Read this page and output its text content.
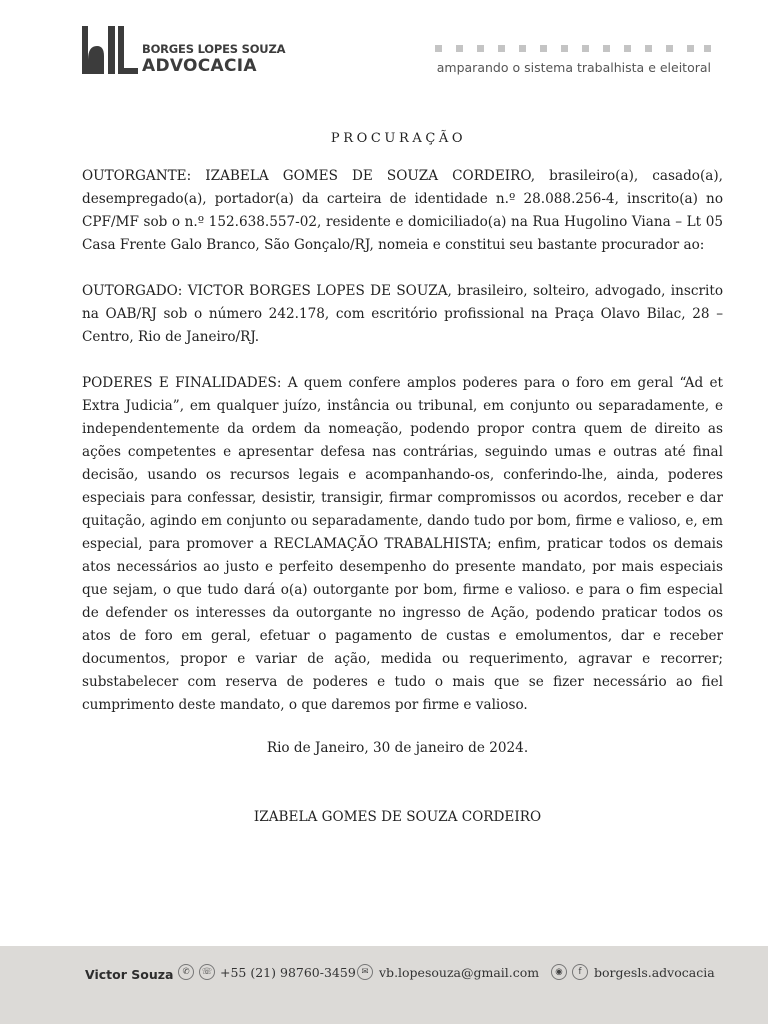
BORGES LOPES SOUZA
ADVOCACIA	amparando o sistema trabalhista e eleitoral
PROCURAÇÃO

OUTORGANTE: IZABELA GOMES DE SOUZA CORDEIRO, brasileiro(a), casado(a), desempregado(a), portador(a) da carteira de identidade n.º 28.088.256-4, inscrito(a) no CPF/MF sob o n.º 152.638.557-02, residente e domiciliado(a) na Rua Hugolino Viana – Lt 05 Casa Frente Galo Branco, São Gonçalo/RJ, nomeia e constitui seu bastante procurador ao:

OUTORGADO: VICTOR BORGES LOPES DE SOUZA, brasileiro, solteiro, advogado, inscrito na OAB/RJ sob o número 242.178, com escritório profissional na Praça Olavo Bilac, 28 – Centro, Rio de Janeiro/RJ.

PODERES E FINALIDADES: A quem confere amplos poderes para o foro em geral “Ad et Extra Judicia”, em qualquer juízo, instância ou tribunal, em conjunto ou separadamente, e independentemente da ordem da nomeação, podendo propor contra quem de direito as ações competentes e apresentar defesa nas contrárias, seguindo umas e outras até final decisão, usando os recursos legais e acompanhando-os, conferindo-lhe, ainda, poderes especiais para confessar, desistir, transigir, firmar compromissos ou acordos, receber e dar quitação, agindo em conjunto ou separadamente, dando tudo por bom, firme e valioso, e, em especial, para promover a RECLAMAÇÃO TRABALHISTA; enfim, praticar todos os demais atos necessários ao justo e perfeito desempenho do presente mandato, por mais especiais que sejam, o que tudo dará o(a) outorgante por bom, firme e valioso. e para o fim especial de defender os interesses da outorgante no ingresso de Ação, podendo praticar todos os atos de foro em geral, efetuar o pagamento de custas e emolumentos, dar e receber documentos, propor e variar de ação, medida ou requerimento, agravar e recorrer; substabelecer com reserva de poderes e tudo o mais que se fizer necessário ao fiel cumprimento deste mandato, o que daremos por firme e valioso.

Rio de Janeiro, 30 de janeiro de 2024.
IZABELA GOMES DE SOUZA CORDEIRO
Victor Souza	✆	☏ +55 (21) 98760-3459 ✉ vb.lopesouza@gmail.com	◉	f	borgesls.advocacia
